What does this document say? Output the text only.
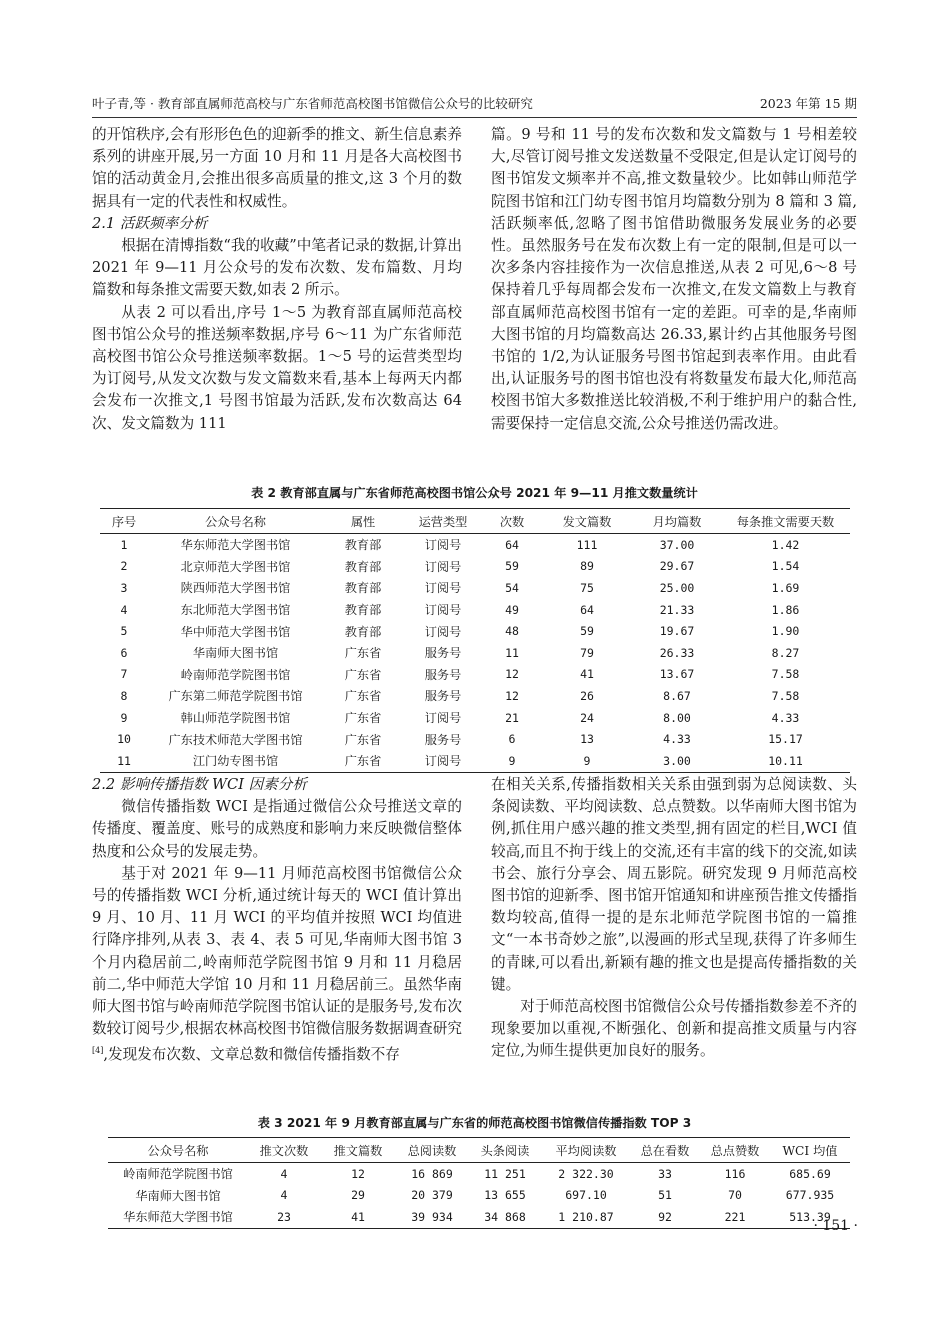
叶子青,等 · 教育部直属师范高校与广东省师范高校图书馆微信公众号的比较研究	2023 年第 15 期

的开馆秩序,会有形形色色的迎新季的推文、新生信息素养系列的讲座开展,另一方面 10 月和 11 月是各大高校图书馆的活动黄金月,会推出很多高质量的推文,这 3 个月的数据具有一定的代表性和权威性。

2.1 活跃频率分析

根据在清博指数“我的收藏”中笔者记录的数据,计算出 2021 年 9—11 月公众号的发布次数、发布篇数、月均篇数和每条推文需要天数,如表 2 所示。

从表 2 可以看出,序号 1～5 为教育部直属师范高校图书馆公众号的推送频率数据,序号 6～11 为广东省师范高校图书馆公众号推送频率数据。1～5 号的运营类型均为订阅号,从发文次数与发文篇数来看,基本上每两天内都会发布一次推文,1 号图书馆最为活跃,发布次数高达 64 次、发文篇数为 111

篇。9 号和 11 号的发布次数和发文篇数与 1 号相差较大,尽管订阅号推文发送数量不受限定,但是认定订阅号的图书馆发文频率并不高,推文数量较少。比如韩山师范学院图书馆和江门幼专图书馆月均篇数分别为 8 篇和 3 篇,活跃频率低,忽略了图书馆借助微服务发展业务的必要性。虽然服务号在发布次数上有一定的限制,但是可以一次多条内容挂接作为一次信息推送,从表 2 可见,6～8 号保持着几乎每周都会发布一次推文,在发文篇数上与教育部直属师范高校图书馆有一定的差距。可幸的是,华南师大图书馆的月均篇数高达 26.33,累计约占其他服务号图书馆的 1/2,为认证服务号图书馆起到表率作用。由此看出,认证服务号的图书馆也没有将数量发布最大化,师范高校图书馆大多数推送比较消极,不利于维护用户的黏合性,需要保持一定信息交流,公众号推送仍需改进。

表 2 教育部直属与广东省师范高校图书馆公众号 2021 年 9—11 月推文数量统计
序号	公众号名称	属性	运营类型	次数	发文篇数	月均篇数	每条推文需要天数
1	华东师范大学图书馆	教育部	订阅号	64	111	37.00	1.42
2	北京师范大学图书馆	教育部	订阅号	59	89	29.67	1.54
3	陕西师范大学图书馆	教育部	订阅号	54	75	25.00	1.69
4	东北师范大学图书馆	教育部	订阅号	49	64	21.33	1.86
5	华中师范大学图书馆	教育部	订阅号	48	59	19.67	1.90
6	华南师大图书馆	广东省	服务号	11	79	26.33	8.27
7	岭南师范学院图书馆	广东省	服务号	12	41	13.67	7.58
8	广东第二师范学院图书馆	广东省	服务号	12	26	8.67	7.58
9	韩山师范学院图书馆	广东省	订阅号	21	24	8.00	4.33
10	广东技术师范大学图书馆	广东省	服务号	6	13	4.33	15.17
11	江门幼专图书馆	广东省	订阅号	9	9	3.00	10.11

2.2 影响传播指数 WCI 因素分析

微信传播指数 WCI 是指通过微信公众号推送文章的传播度、覆盖度、账号的成熟度和影响力来反映微信整体热度和公众号的发展走势。

基于对 2021 年 9—11 月师范高校图书馆微信公众号的传播指数 WCI 分析,通过统计每天的 WCI 值计算出 9 月、10 月、11 月 WCI 的平均值并按照 WCI 均值进行降序排列,从表 3、表 4、表 5 可见,华南师大图书馆 3 个月内稳居前二,岭南师范学院图书馆 9 月和 11 月稳居前二,华中师范大学馆 10 月和 11 月稳居前三。虽然华南师大图书馆与岭南师范学院图书馆认证的是服务号,发布次数较订阅号少,根据农林高校图书馆微信服务数据调查研究[4],发现发布次数、文章总数和微信传播指数不存

在相关关系,传播指数相关关系由强到弱为总阅读数、头条阅读数、平均阅读数、总点赞数。以华南师大图书馆为例,抓住用户感兴趣的推文类型,拥有固定的栏目,WCI 值较高,而且不拘于线上的交流,还有丰富的线下的交流,如读书会、旅行分享会、周五影院。研究发现 9 月师范高校图书馆的迎新季、图书馆开馆通知和讲座预告推文传播指数均较高,值得一提的是东北师范学院图书馆的一篇推文“一本书奇妙之旅”,以漫画的形式呈现,获得了许多师生的青睐,可以看出,新颖有趣的推文也是提高传播指数的关键。

对于师范高校图书馆微信公众号传播指数参差不齐的现象要加以重视,不断强化、创新和提高推文质量与内容定位,为师生提供更加良好的服务。

表 3 2021 年 9 月教育部直属与广东省的师范高校图书馆微信传播指数 TOP 3
公众号名称	推文次数	推文篇数	总阅读数	头条阅读	平均阅读数	总在看数	总点赞数	WCI 均值
岭南师范学院图书馆	4	12	16 869	11 251	2 322.30	33	116	685.69
华南师大图书馆	4	29	20 379	13 655	697.10	51	70	677.935
华东师范大学图书馆	23	41	39 934	34 868	1 210.87	92	221	513.39
· 151 ·
